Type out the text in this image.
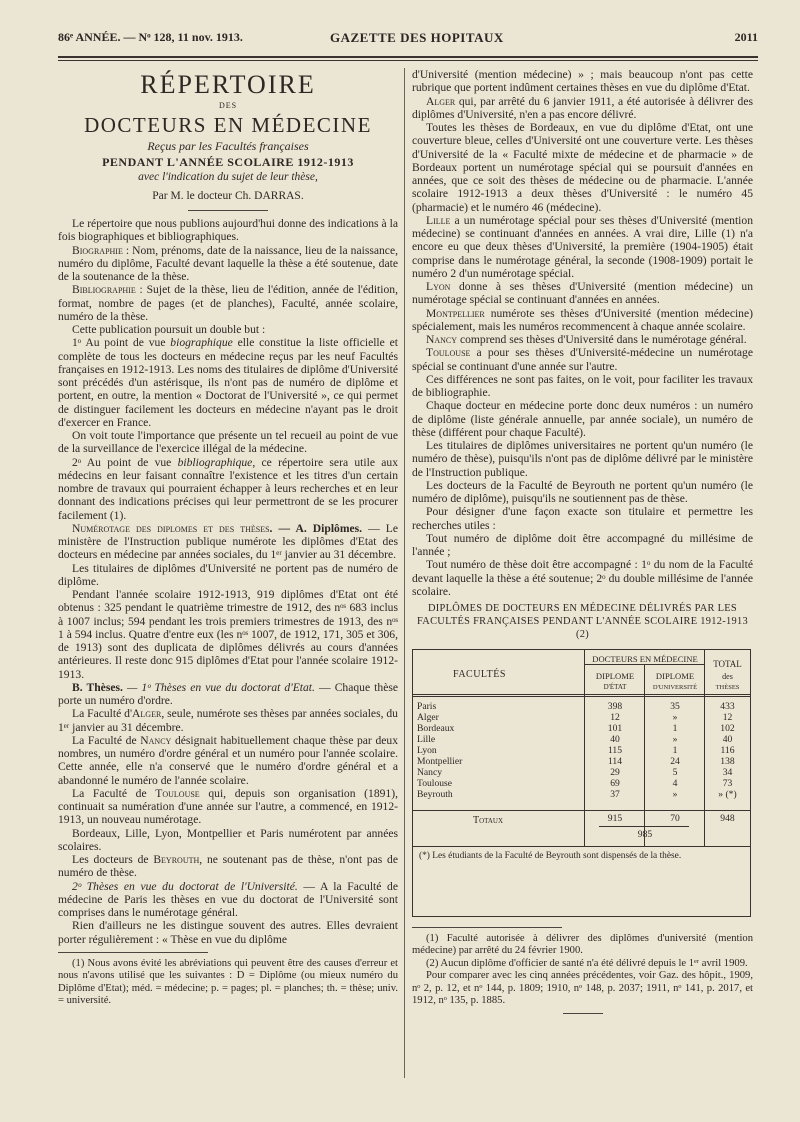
86ᵉ ANNÉE. — Nᵒ 128, 11 nov. 1913.	GAZETTE DES HOPITAUX	2011
RÉPERTOIRE
DES
DOCTEURS EN MÉDECINE
Reçus par les Facultés françaises
PENDANT L'ANNÉE SCOLAIRE 1912-1913
avec l'indication du sujet de leur thèse,
Par M. le docteur Ch. DARRAS.

Le répertoire que nous publions aujourd'hui donne des indications à la fois biographiques et bibliographiques.

Biographie : Nom, prénoms, date de la naissance, lieu de la naissance, numéro du diplôme, Faculté devant laquelle la thèse a été soutenue, date de la soutenance de la thèse.

Bibliographie : Sujet de la thèse, lieu de l'édition, année de l'édition, format, nombre de pages (et de planches), Faculté, année scolaire, numéro de la thèse.

Cette publication poursuit un double but :

1ᵒ Au point de vue biographique elle constitue la liste officielle et complète de tous les docteurs en médecine reçus par les neuf Facultés françaises en 1912-1913. Les noms des titulaires de diplôme d'Université sont précédés d'un astérisque, ils n'ont pas de numéro de diplôme et portent, en outre, la mention « Doctorat de l'Université », ce qui permet de distinguer facilement les docteurs en médecine n'ayant pas le droit d'exercer en France.

On voit toute l'importance que présente un tel recueil au point de vue de la surveillance de l'exercice illégal de la médecine.

2ᵒ Au point de vue bibliographique, ce répertoire sera utile aux médecins en leur faisant connaître l'existence et les titres d'un certain nombre de travaux qui pourraient échapper à leurs recherches et en leur donnant des indications précises qui leur permettront de se les procurer facilement (1).

Numérotage des diplomes et des thèses. — A. Diplômes. — Le ministère de l'Instruction publique numérote les diplômes d'Etat des docteurs en médecine par années sociales, du 1ᵉʳ janvier au 31 décembre.

Les titulaires de diplômes d'Université ne portent pas de numéro de diplôme.

Pendant l'année scolaire 1912-1913, 919 diplômes d'Etat ont été obtenus : 325 pendant le quatrième trimestre de 1912, des nᵒˢ 683 inclus à 1007 inclus; 594 pendant les trois premiers trimestres de 1913, des nᵒˢ 1 à 594 inclus. Quatre d'entre eux (les nᵒˢ 1007, de 1912, 171, 305 et 306, de 1913) sont des duplicata de diplômes délivrés au cours d'années antérieures. Il reste donc 915 diplômes d'Etat pour l'année scolaire 1912-1913.

B. Thèses. — 1ᵒ Thèses en vue du doctorat d'Etat. — Chaque thèse porte un numéro d'ordre.

La Faculté d'Alger, seule, numérote ses thèses par années sociales, du 1ᵉʳ janvier au 31 décembre.

La Faculté de Nancy désignait habituellement chaque thèse par deux nombres, un numéro d'ordre général et un numéro pour l'année scolaire. Cette année, elle n'a conservé que le numéro d'ordre général et a abandonné le numéro de l'année scolaire.

La Faculté de Toulouse qui, depuis son organisation (1891), continuait sa numération d'une année sur l'autre, a commencé, en 1912-1913, un nouveau numérotage.

Bordeaux, Lille, Lyon, Montpellier et Paris numérotent par années scolaires.

Les docteurs de Beyrouth, ne soutenant pas de thèse, n'ont pas de numéro de thèse.

2ᵒ Thèses en vue du doctorat de l'Université. — A la Faculté de médecine de Paris les thèses en vue du doctorat de l'Université sont comprises dans le numérotage général.

Rien d'ailleurs ne les distingue souvent des autres. Elles devraient porter régulièrement : « Thèse en vue du diplôme

(1) Nous avons évité les abréviations qui peuvent être des causes d'erreur et nous n'avons utilisé que les suivantes : D = Diplôme (ou mieux numéro du Diplôme d'Etat); méd. = médecine; p. = pages; pl. = planches; th. = thèse; univ. = université.

d'Université (mention médecine) » ; mais beaucoup n'ont pas cette rubrique que portent indûment certaines thèses en vue du diplôme d'Etat.

Alger qui, par arrêté du 6 janvier 1911, a été autorisée à délivrer des diplômes d'Université, n'en a pas encore délivré.

Toutes les thèses de Bordeaux, en vue du diplôme d'Etat, ont une couverture bleue, celles d'Université ont une couverture verte. Les thèses d'Université de la « Faculté mixte de médecine et de pharmacie » de Bordeaux portent un numérotage spécial qui se poursuit d'années en années, que ce soit des thèses de médecine ou de pharmacie. L'année scolaire 1912-1913 a deux thèses d'Université : le numéro 45 (pharmacie) et le numéro 46 (médecine).

Lille a un numérotage spécial pour ses thèses d'Université (mention médecine) se continuant d'années en années. A vrai dire, Lille (1) n'a encore eu que deux thèses d'Université, la première (1904-1905) était comprise dans le numérotage général, la seconde (1908-1909) portait le numéro 2 d'un numérotage spécial.

Lyon donne à ses thèses d'Université (mention médecine) un numérotage spécial se continuant d'années en années.

Montpellier numérote ses thèses d'Université (mention médecine) spécialement, mais les numéros recommencent à chaque année scolaire.

Nancy comprend ses thèses d'Université dans le numérotage général.

Toulouse a pour ses thèses d'Université-médecine un numérotage spécial se continuant d'une année sur l'autre.

Ces différences ne sont pas faites, on le voit, pour faciliter les travaux de bibliographie.

Chaque docteur en médecine porte donc deux numéros : un numéro de diplôme (liste générale annuelle, par année sociale), un numéro de thèse (différent pour chaque Faculté).

Les titulaires de diplômes universitaires ne portent qu'un numéro (le numéro de thèse), puisqu'ils n'ont pas de diplôme délivré par le ministère de l'Instruction publique.

Les docteurs de la Faculté de Beyrouth ne portent qu'un numéro (le numéro de diplôme), puisqu'ils ne soutiennent pas de thèse.

Pour désigner d'une façon exacte son titulaire et permettre les recherches utiles :

Tout numéro de diplôme doit être accompagné du millésime de l'année ;

Tout numéro de thèse doit être accompagné : 1ᵒ du nom de la Faculté devant laquelle la thèse a été soutenue; 2ᵒ du double millésime de l'année scolaire.

DIPLÔMES DE DOCTEURS EN MÉDECINE DÉLIVRÉS PAR LES FACULTÉS FRANÇAISES PENDANT L'ANNÉE SCOLAIRE 1912-1913 (2)
FACULTÉS
DOCTEURS EN MÉDECINE
DIPLOME
D'ÉTAT
DIPLOME
D'UNIVERSITÉ
TOTAL
des
THÈSES
Paris	398	35	433
Alger	12	»	12
Bordeaux	101	1	102
Lille	40	»	40
Lyon	115	1	116
Montpellier	114	24	138
Nancy	29	5	34
Toulouse	69	4	73
Beyrouth	37	»	» (*)
Totaux	915	70	948
985
(*) Les étudiants de la Faculté de Beyrouth sont dispensés de la thèse.

(1) Faculté autorisée à délivrer des diplômes d'université (mention médecine) par arrêté du 24 février 1900.

(2) Aucun diplôme d'officier de santé n'a été délivré depuis le 1ᵉʳ avril 1909.

Pour comparer avec les cinq années précédentes, voir Gaz. des hôpit., 1909, nᵒ 2, p. 12, et nᵒ 144, p. 1809; 1910, nᵒ 148, p. 2037; 1911, nᵒ 141, p. 2017, et 1912, nᵒ 135, p. 1885.
